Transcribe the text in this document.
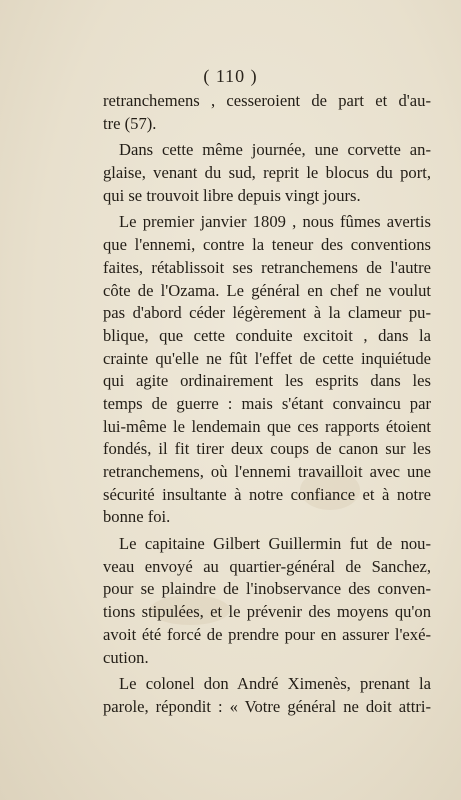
( 110 )
retranchemens , cesseroient de part et d'au-
tre (57).
Dans cette même journée, une corvette an-
glaise, venant du sud, reprit le blocus du port,
qui se trouvoit libre depuis vingt jours.
Le premier janvier 1809 , nous fûmes avertis
que l'ennemi, contre la teneur des conventions
faites, rétablissoit ses retranchemens de l'autre
côte de l'Ozama. Le général en chef ne voulut
pas d'abord céder légèrement à la clameur pu-
blique, que cette conduite excitoit , dans la
crainte qu'elle ne fût l'effet de cette inquiétude
qui agite ordinairement les esprits dans les
temps de guerre : mais s'étant convaincu par
lui-même le lendemain que ces rapports étoient
fondés, il fit tirer deux coups de canon sur les
retranchemens, où l'ennemi travailloit avec une
sécurité insultante à notre confiance et à notre
bonne foi.
Le capitaine Gilbert Guillermin fut de nou-
veau envoyé au quartier-général de Sanchez,
pour se plaindre de l'inobservance des conven-
tions stipulées, et le prévenir des moyens qu'on
avoit été forcé de prendre pour en assurer l'exé-
cution.
Le colonel don André Ximenès, prenant la
parole, répondit : « Votre général ne doit attri-
